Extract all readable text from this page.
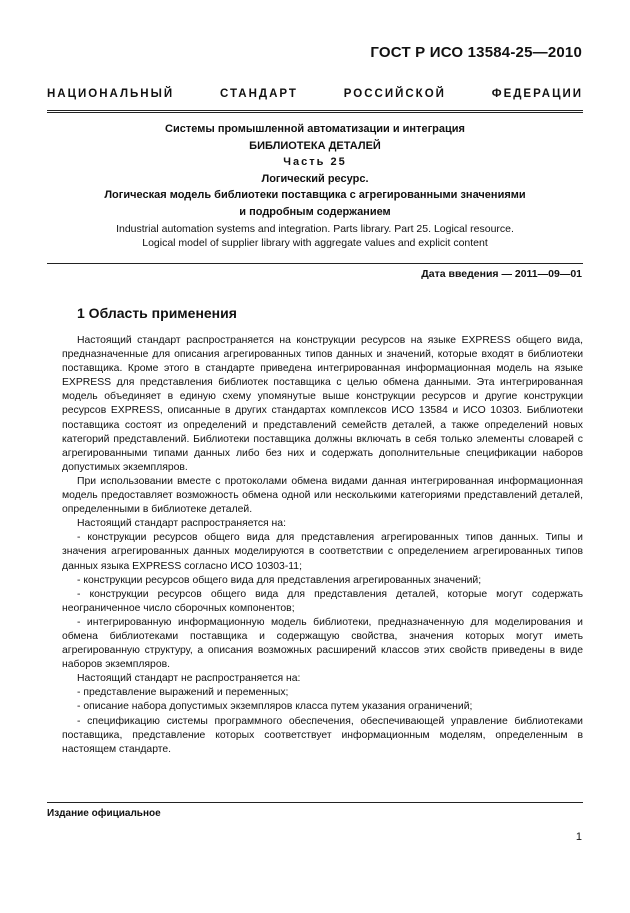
ГОСТ Р ИСО 13584-25—2010
НАЦИОНАЛЬНЫЙ СТАНДАРТ РОССИЙСКОЙ ФЕДЕРАЦИИ
Системы промышленной автоматизации и интеграция
БИБЛИОТЕКА ДЕТАЛЕЙ
Часть 25
Логический ресурс.
Логическая модель библиотеки поставщика с агрегированными значениями
и подробным содержанием
Industrial automation systems and integration. Parts library. Part 25. Logical resource.
Logical model of supplier library with aggregate values and explicit content
Дата введения — 2011—09—01
1 Область применения

Настоящий стандарт распространяется на конструкции ресурсов на языке EXPRESS общего вида, предназначенные для описания агрегированных типов данных и значений, которые входят в библиотеки поставщика. Кроме этого в стандарте приведена интегрированная информационная модель на языке EXPRESS для представления библиотек поставщика с целью обмена данными. Эта интегрированная модель объединяет в единую схему упомянутые выше конструкции ресурсов и другие конструкции ресурсов EXPRESS, описанные в других стандартах комплексов ИСО 13584 и ИСО 10303. Библиотеки поставщика состоят из определений и представлений семейств деталей, а также определений новых категорий представлений. Библиотеки поставщика должны включать в себя только элементы словарей с агрегированными типами данных либо без них и содержать дополнительные спецификации наборов допустимых экземпляров.

При использовании вместе с протоколами обмена видами данная интегрированная информационная модель предоставляет возможность обмена одной или несколькими категориями представлений деталей, определенными в библиотеке деталей.

Настоящий стандарт распространяется на:

- конструкции ресурсов общего вида для представления агрегированных типов данных. Типы и значения агрегированных данных моделируются в соответствии с определением агрегированных типов данных языка EXPRESS согласно ИСО 10303-11;

- конструкции ресурсов общего вида для представления агрегированных значений;

- конструкции ресурсов общего вида для представления деталей, которые могут содержать неограниченное число сборочных компонентов;

- интегрированную информационную модель библиотеки, предназначенную для моделирования и обмена библиотеками поставщика и содержащую свойства, значения которых могут иметь агрегированную структуру, а описания возможных расширений классов этих свойств приведены в виде наборов экземпляров.

Настоящий стандарт не распространяется на:

- представление выражений и переменных;

- описание набора допустимых экземпляров класса путем указания ограничений;

- спецификацию системы программного обеспечения, обеспечивающей управление библиотеками поставщика, представление которых соответствует информационным моделям, определенным в настоящем стандарте.

Издание официальное
1
